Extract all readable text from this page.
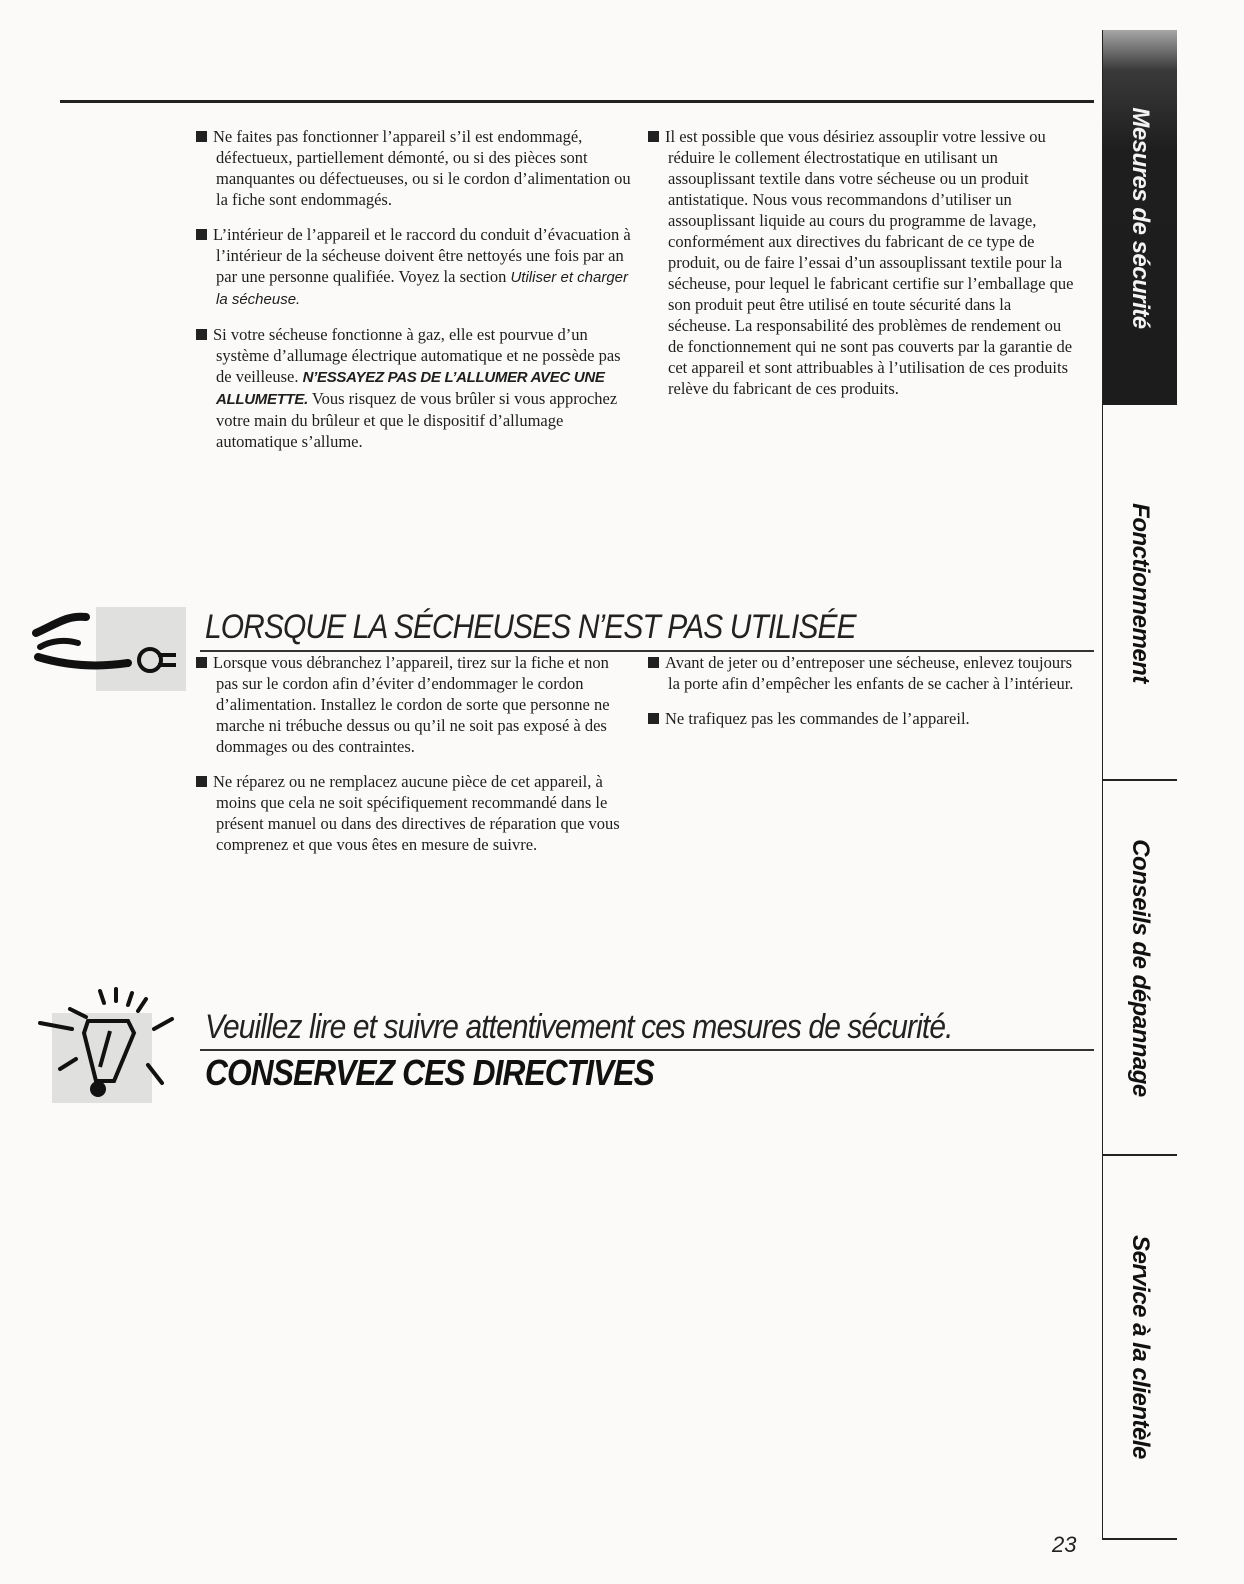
Ne faites pas fonctionner l’appareil s’il est endommagé, défectueux, partiellement démonté, ou si des pièces sont manquantes ou défectueuses, ou si le cordon d’alimentation ou la fiche sont endommagés.

L’intérieur de l’appareil et le raccord du conduit d’évacuation à l’intérieur de la sécheuse doivent être nettoyés une fois par an par une personne qualifiée. Voyez la section Utiliser et charger la sécheuse.

Si votre sécheuse fonctionne à gaz, elle est pourvue d’un système d’allumage électrique automatique et ne possède pas de veilleuse. N’ESSAYEZ PAS DE L’ALLUMER AVEC UNE ALLUMETTE. Vous risquez de vous brûler si vous approchez votre main du brûleur et que le dispositif d’allumage automatique s’allume.

Il est possible que vous désiriez assouplir votre lessive ou réduire le collement électrostatique en utilisant un assouplissant textile dans votre sécheuse ou un produit antistatique. Nous vous recommandons d’utiliser un assouplissant liquide au cours du programme de lavage, conformément aux directives du fabricant de ce type de produit, ou de faire l’essai d’un assouplissant textile pour la sécheuse, pour lequel le fabricant certifie sur l’emballage que son produit peut être utilisé en toute sécurité dans la sécheuse. La responsabilité des problèmes de rendement ou de fonctionnement qui ne sont pas couverts par la garantie de cet appareil et sont attribuables à l’utilisation de ces produits relève du fabricant de ces produits.

LORSQUE LA SÉCHEUSES N’EST PAS UTILISÉE

Lorsque vous débranchez l’appareil, tirez sur la fiche et non pas sur le cordon afin d’éviter d’endommager le cordon d’alimentation. Installez le cordon de sorte que personne ne marche ni trébuche dessus ou qu’il ne soit pas exposé à des dommages ou des contraintes.

Ne réparez ou ne remplacez aucune pièce de cet appareil, à moins que cela ne soit spécifiquement recommandé dans le présent manuel ou dans des directives de réparation que vous comprenez et que vous êtes en mesure de suivre.

Avant de jeter ou d’entreposer une sécheuse, enlevez toujours la porte afin d’empêcher les enfants de se cacher à l’intérieur.

Ne trafiquez pas les commandes de l’appareil.

Veuillez lire et suivre attentivement ces mesures de sécurité.
CONSERVEZ CES DIRECTIVES
23
Mesures de sécurité
Fonctionnement
Conseils de dépannage
Service à la clientèle
